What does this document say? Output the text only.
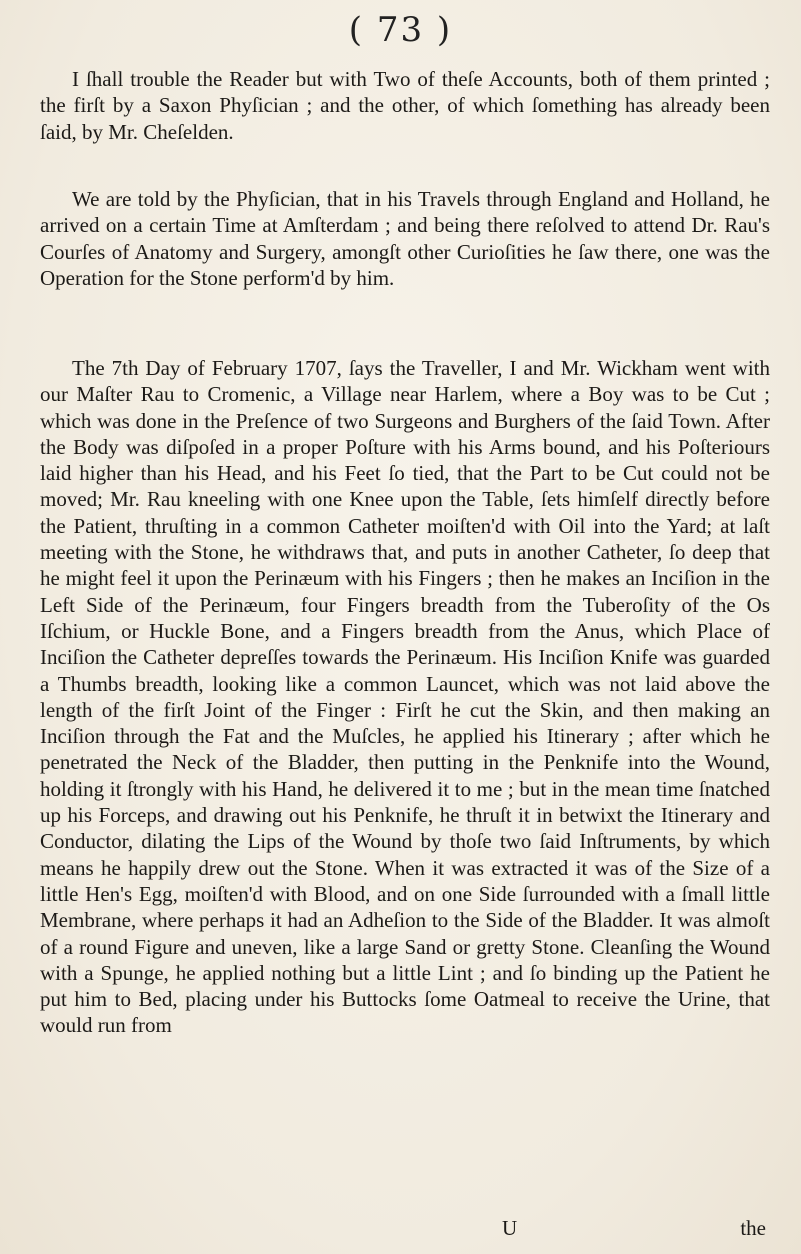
( 73 )

I ſhall trouble the Reader but with Two of theſe Accounts, both of them printed ; the firſt by a Saxon Phyſician ; and the other, of which ſomething has already been ſaid, by Mr. Cheſelden.

We are told by the Phyſician, that in his Travels through England and Holland, he arrived on a certain Time at Amſterdam ; and being there reſolved to attend Dr. Rau's Courſes of Anatomy and Surgery, amongſt other Curioſities he ſaw there, one was the Operation for the Stone perform'd by him.

The 7th Day of February 1707, ſays the Traveller, I and Mr. Wickham went with our Maſter Rau to Cromenic, a Village near Harlem, where a Boy was to be Cut ; which was done in the Preſence of two Surgeons and Burghers of the ſaid Town. After the Body was diſpoſed in a proper Poſture with his Arms bound, and his Poſteriours laid higher than his Head, and his Feet ſo tied, that the Part to be Cut could not be moved; Mr. Rau kneeling with one Knee upon the Table, ſets himſelf directly before the Patient, thruſting in a common Catheter moiſten'd with Oil into the Yard; at laſt meeting with the Stone, he withdraws that, and puts in another Catheter, ſo deep that he might feel it upon the Perinæum with his Fingers ; then he makes an Inciſion in the Left Side of the Perinæum, four Fingers breadth from the Tuberoſity of the Os Iſchium, or Huckle Bone, and a Fingers breadth from the Anus, which Place of Inciſion the Catheter depreſſes towards the Perinæum. His Inciſion Knife was guarded a Thumbs breadth, looking like a common Launcet, which was not laid above the length of the firſt Joint of the Finger : Firſt he cut the Skin, and then making an Inciſion through the Fat and the Muſcles, he applied his Itinerary ; after which he penetrated the Neck of the Bladder, then putting in the Penknife into the Wound, holding it ſtrongly with his Hand, he delivered it to me ; but in the mean time ſnatched up his Forceps, and drawing out his Penknife, he thruſt it in betwixt the Itinerary and Conductor, dilating the Lips of the Wound by thoſe two ſaid Inſtruments, by which means he happily drew out the Stone. When it was extracted it was of the Size of a little Hen's Egg, moiſten'd with Blood, and on one Side ſurrounded with a ſmall little Membrane, where perhaps it had an Adheſion to the Side of the Bladder. It was almoſt of a round Figure and uneven, like a large Sand or gretty Stone. Cleanſing the Wound with a Spunge, he applied nothing but a little Lint ; and ſo binding up the Patient he put him to Bed, placing under his Buttocks ſome Oatmeal to receive the Urine, that would run from

U	the
